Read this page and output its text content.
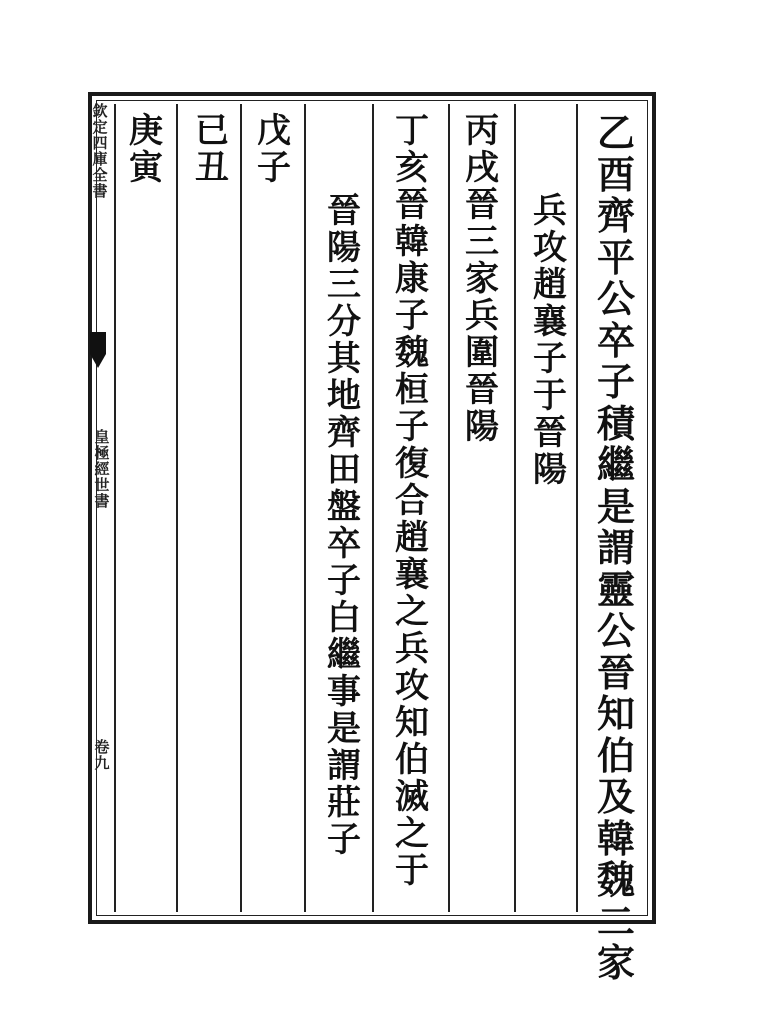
乙
酉
齊
平
公
卒
子
積
繼
是
謂
靈
公
晉
知
伯
及
韓
魏
二
家
兵
攻
趙
襄
子
于
晉
陽
丙
戌
晉
三
家
兵
圍
晉
陽
丁
亥
晉
韓
康
子
魏
桓
子
復
合
趙
襄
之
兵
攻
知
伯
滅
之
于
晉
陽
三
分
其
地
齊
田
盤
卒
子
白
繼
事
是
謂
莊
子
戊
子
已
丑
庚
寅
欽
定
四
庫
全
書
皇
極
經
世
書
卷
九
